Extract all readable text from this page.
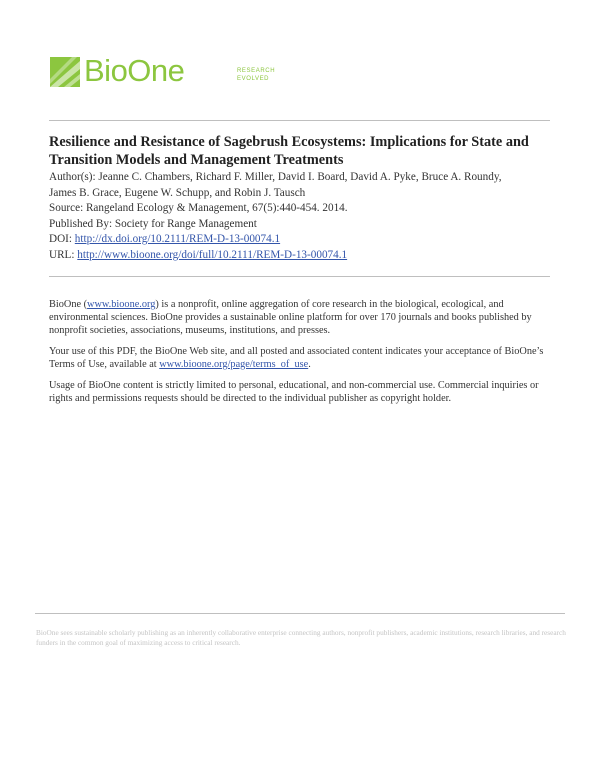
BioOne	RESEARCH
EVOLVED
Resilience and Resistance of Sagebrush Ecosystems: Implications for State and Transition Models and Management Treatments
Author(s): Jeanne C. Chambers, Richard F. Miller, David I. Board, David A. Pyke, Bruce A. Roundy,
James B. Grace, Eugene W. Schupp, and Robin J. Tausch
Source: Rangeland Ecology & Management, 67(5):440-454. 2014.
Published By: Society for Range Management
DOI: http://dx.doi.org/10.2111/REM-D-13-00074.1
URL: http://www.bioone.org/doi/full/10.2111/REM-D-13-00074.1

BioOne (www.bioone.org) is a nonprofit, online aggregation of core research in the biological, ecological, and environmental sciences. BioOne provides a sustainable online platform for over 170 journals and books published by nonprofit societies, associations, museums, institutions, and presses.

Your use of this PDF, the BioOne Web site, and all posted and associated content indicates your acceptance of BioOne’s Terms of Use, available at www.bioone.org/page/terms_of_use.

Usage of BioOne content is strictly limited to personal, educational, and non-commercial use. Commercial inquiries or rights and permissions requests should be directed to the individual publisher as copyright holder.

BioOne sees sustainable scholarly publishing as an inherently collaborative enterprise connecting authors, nonprofit publishers, academic institutions, research libraries, and research funders in the common goal of maximizing access to critical research.
